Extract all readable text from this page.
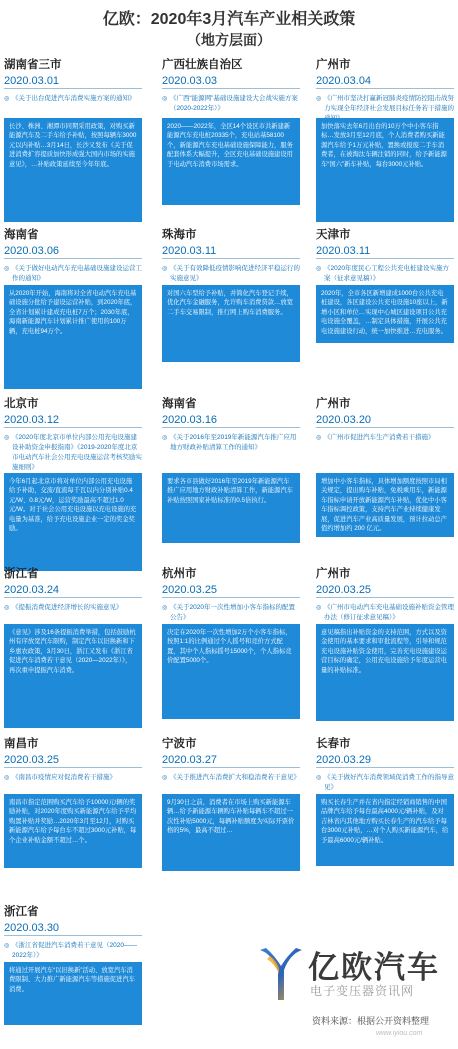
亿欧：2020年3月汽车产业相关政策
（地方层面）
湖南省三市
2020.03.01
◎ 《关于出台促进汽车消费实施方案的通知》
长沙、株洲、湘潭市同期采用政策，对购买新能源汽车及二手车给予补贴，按照每辆车3000元以内补贴…3月14日，长沙又发布《关于促进消费扩容提质加快形成强大国内市场的实施意见》，…补贴政策延续至今年年底。
广西壮族自治区
2020.03.03
◎ 《广西“能源网”基础设施建设大会战实施方案（2020-2022年）》
2020——2022年，全区14个设区市共新建新能源汽车充电桩20335个，充电站基58100个，新能源汽车充电基础设施保障能力，服务配套体系大幅提升，全区充电基础设施建设用于电动汽车消费市场需求。
广州市
2020.03.04
◎ 《广州市坚决打赢新冠肺炎疫情防控阻击战努力实现全年经济社会发展目标任务若干措施的
加快落实去年6月出台的10万个中小客车指标…发放3月至12月底，个人消费者购买新能源汽车给予1万元补贴，置换或报废二手车消费者，在被淘汰车辆注销的同时，给予新能源车“国六”新车补贴，每台3000元补贴。
海南省
2020.03.06
◎ 《关于做好电动汽车充电基础设施建设运营工作的通知》
从2020年开始，海南将对全省电动汽车充电基础设施分批给予建设运营补贴，到2020年底，全省计划累计建成充电桩7万个；2030年底，海南新能源汽车计划累计推广使用的100万辆，充电桩94万个。
珠海市
2020.03.11
◎ 《关于有效降低疫情影响促进经济平稳运行的实施意见》
对国六车型给予补贴，并简化汽车登记手续，优化汽车金融服务，允许购车消费贷款…放宽二手车交易限制，推行网上购车消费服务。
天津市
2020.03.11
◎ 《2020年度民心工程公共充电桩建设实施方案（征求意见稿）》
2020年，全市各区新增建成1000台公共充电桩建设，各区建设公共充电设施10座以上，新增小区和单位…实现中心城区建设项目公共充电设施全覆盖，…制定具体措施，开展公共充电设施建设行动，统一加快推进…充电服务。
北京市
2020.03.12
◎ 《2020年度北京市单位内部公用充电设施建设补助资金申报指南》《2019-2020年度北京市电动汽车社会公用充电设施运营考核奖励实施细则》
今年6月起北京市将对单位内部公用充电设施给予补助，交流/直流每千瓦以内分别补贴0.4元/W、0.8元/W，运营奖励最高不超过1.0元/W。对于社会公用充电设施以充电设施的充电量为基准，给予充电设施企业一定的奖金奖励。
海南省
2020.03.16
◎ 《关于2016年至2019年新能源汽车推广应用地方财政补贴清算工作的通知》
要求各市县做好2016年至2019年新能源汽车推广应用地方财政补贴清算工作，新能源汽车补贴按照国家补贴标准的0.5倍执行。
广州市
2020.03.20
◎ 《广州市促进汽车生产消费若干措施》
增加中小客车指标，具体增加额度按照市局相关规定，提出购车补贴，免税乘用车，新能源车指标申请开放新能源汽车补贴，优化中小客车指标调控政策，支持汽车产业持续健康发展，促进汽车产业高质量发展，预计拉动总产值约增加约 200 亿元。
浙江省
2020.03.24
◎ 《提振消费促进经济增长的实施意见》
《意见》涉及16条提振消费举措，包括鼓励杭州有序放宽汽车限购，制定汽车以旧换新和下乡惠农政策，3月30日，浙江又发布《浙江省促进汽车消费若干意见（2020—2022年）》，再次重申提振汽车消费。
杭州市
2020.03.25
◎ 《关于2020年一次性增加小客车指标的配置公告》
决定在2020年一次性增加2万个小客车指标，按照1:1的比例通过个人摇号和竞价方式配置，其中个人指标摇号15000个，个人指标竞价配置5000个。
广州市
2020.03.25
◎ 《广州市电动汽车充电基础设施补贴资金管理办法（修订征求意见稿）》
意见稿指出补贴资金的支持范围，方式以及资金使用的基本要求和审批流程等，引导和规范充电设施补贴资金使用，完善充电设施建设运营目标的确定，公用充电设施给予年度运营电量的补贴标准。
南昌市
2020.03.25
◎ 《南昌市疫情应对促消费若干措施》
南昌市指定范围购买汽车给予10000元/辆的奖励补贴，对2020年度购买新能源汽车给予平均购置补贴并奖励…2020年3月至12月，对购买新能源汽车给予每台车不超过3000元补贴，每个企业补贴金额不超过…个。
宁波市
2020.03.27
◎ 《关于推进汽车消费扩大和稳消费若干意见》
9月30日之前，消费者在市场上购买新能源车辆…给予新能源车辆购车补贴每辆车不超过一次性补贴5000元，每辆补贴额度为实际开票价格的5%，最高不超过…
长春市
2020.03.29
◎ 《关于做好汽车消费领域促消费工作的指导意见》
购买长春生产并在省内指定经销商销售的中国品牌汽车给予每台最高4000元/辆补贴，及对吉林省内其他地方购买长春生产的汽车给予每台3000元补贴，…对个人购买新能源汽车，给予最高6000元/辆补贴。
浙江省
2020.03.30
◎ 《浙江省促进汽车消费若干意见（2020——2022年）》
将通过开展汽车“以旧换新”活动、放宽汽车消费限制、大力推广新能源汽车等措施促进汽车消费。
亿欧汽车
电子变压器资讯网
资料来源：根据公开资料整理
www.iyiou.com
